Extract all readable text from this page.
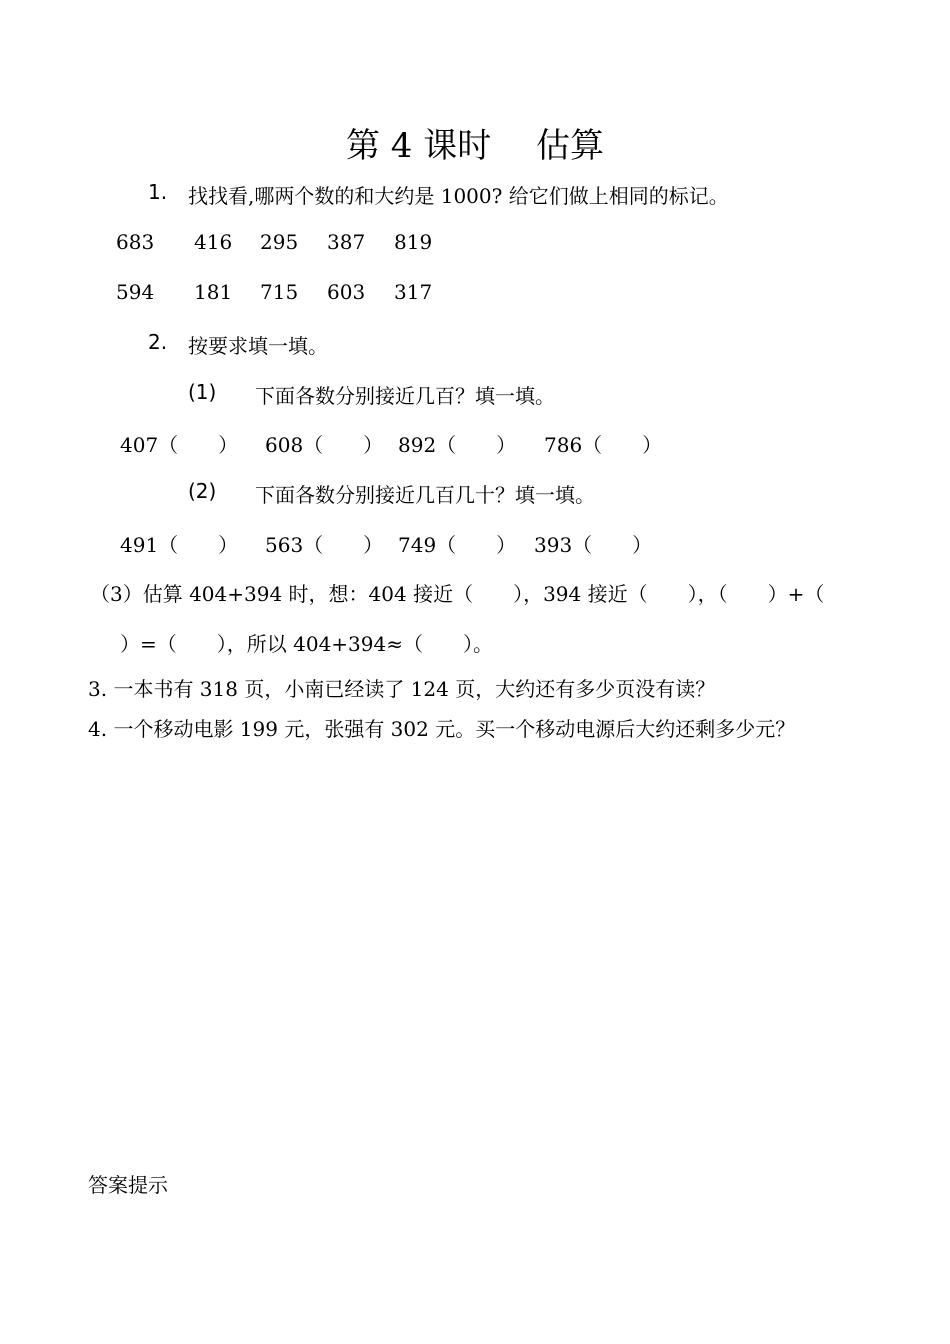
第 4 课时　 估算
1. 找找看,哪两个数的和大约是 1000? 给它们做上相同的标记。
683 416 295 387 819
594 181 715 603 317
2. 按要求填一填。
(1) 下面各数分别接近几百？填一填。
407（　　） 608（　　） 892（　　） 786（　　）
(2) 下面各数分别接近几百几十？填一填。
491（　　） 563（　　） 749（　　） 393（　　）
（3）估算 404+394 时，想：404 接近（　　），394 接近（　　），（　　）+（
）=（　　），所以 404+394≈（　　）。
3. 一本书有 318 页，小南已经读了 124 页，大约还有多少页没有读？
4. 一个移动电影 199 元，张强有 302 元。买一个移动电源后大约还剩多少元？
答案提示
